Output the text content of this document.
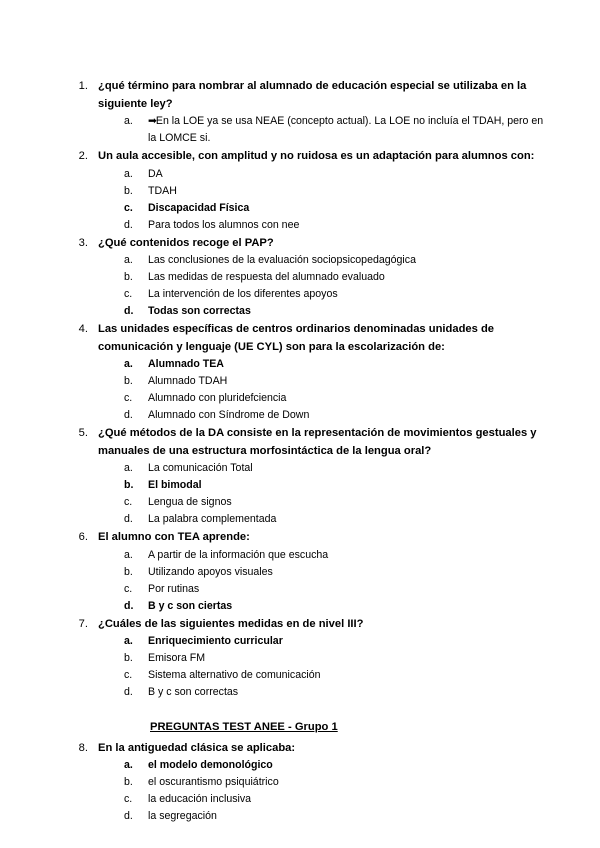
1. ¿qué término para nombrar al alumnado de educación especial se utilizaba en la siguiente ley?

a.	➡En la LOE ya se usa NEAE (concepto actual). La LOE no incluía el TDAH, pero en la LOMCE si.
2. Un aula accesible, con amplitud y no ruidosa es un adaptación para alumnos con:

a.	DA
b.	TDAH
c.	Discapacidad Física
d.	Para todos los alumnos con nee
3. ¿Qué contenidos recoge el PAP?

a.	Las conclusiones de la evaluación sociopsicopedagógica
b.	Las medidas de respuesta del alumnado evaluado
c.	La intervención de los diferentes apoyos
d.	Todas son correctas
4. Las unidades específicas de centros ordinarios denominadas unidades de comunicación y lenguaje (UE CYL) son para la escolarización de:

a.	Alumnado TEA
b.	Alumnado TDAH
c.	Alumnado con pluridefciencia
d.	Alumnado con Síndrome de Down
5. ¿Qué métodos de la DA consiste en la representación de movimientos gestuales y manuales de una estructura morfosintáctica de la lengua oral?

a.	La comunicación Total
b.	El bimodal
c.	Lengua de signos
d.	La palabra complementada
6. El alumno con TEA aprende:

a.	A partir de la información que escucha
b.	Utilizando apoyos visuales
c.	Por rutinas
d.	B y c son ciertas
7. ¿Cuáles de las siguientes medidas en de nivel III?

a.	Enriquecimiento curricular
b.	Emisora FM
c.	Sistema alternativo de comunicación
d.	B y c son correctas
PREGUNTAS TEST ANEE - Grupo 1
8. En la antiguedad clásica se aplicaba:

a.	el modelo demonológico
b.	el oscurantismo psiquiátrico
c.	la educación inclusiva
d.	la segregación
